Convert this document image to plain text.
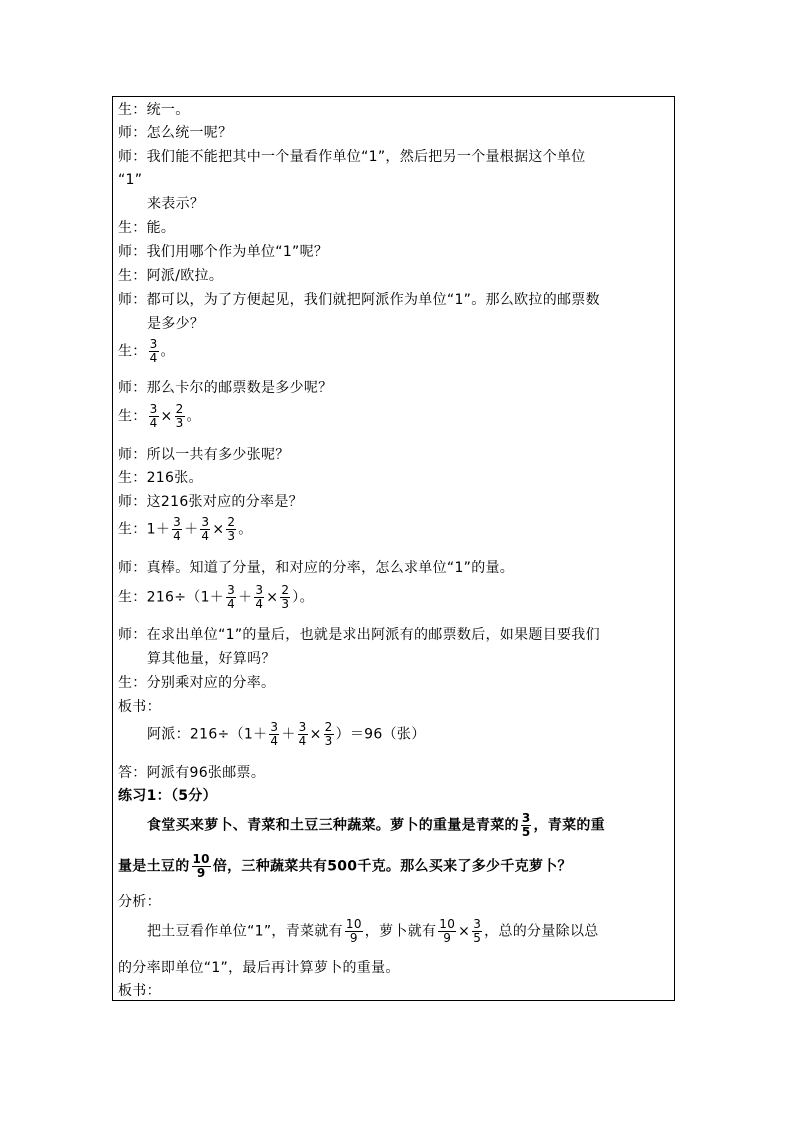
生：统一。
师：怎么统一呢？
师：我们能不能把其中一个量看作单位“1”，然后把另一个量根据这个单位
“1”
来表示？
生：能。
师：我们用哪个作为单位“1”呢？
生：阿派/欧拉。
师：都可以，为了方便起见，我们就把阿派作为单位“1”。那么欧拉的邮票数
是多少？
生： $\frac{3}{4}$ 。
师：那么卡尔的邮票数是多少呢？
生： $\frac{3}{4} \times \frac{2}{3}$ 。
师：所以一共有多少张呢？
生：216张。
师：这216张对应的分率是？
生：$1+ \frac{3}{4} + \frac{3}{4} \times \frac{2}{3}$ 。
师：真棒。知道了分量，和对应的分率，怎么求单位“1”的量。
生：$216\div(1+ \frac{3}{4} + \frac{3}{4} \times \frac{2}{3}$ ）。
师：在求出单位“1”的量后，也就是求出阿派有的邮票数后，如果题目要我们
算其他量，好算吗？
生：分别乘对应的分率。
板书：
阿派：$216\div(1+ \frac{3}{4} + \frac{3}{4} \times \frac{2}{3} )=96$（张）
答：阿派有96张邮票。
练习1：（5分）
食堂买来萝卜、青菜和土豆三种蔬菜。萝卜的重量是青菜的 $\frac{3}{5}$ ，青菜的重
量是土豆的 $\frac{10}{9}$ 倍，三种蔬菜共有500千克。那么买来了多少千克萝卜？
分析：
把土豆看作单位“1”，青菜就有 $\frac{10}{9}$ ，萝卜就有 $\frac{10}{9} \times \frac{3}{5}$ ，总的分量除以总
的分率即单位“1”，最后再计算萝卜的重量。
板书：
